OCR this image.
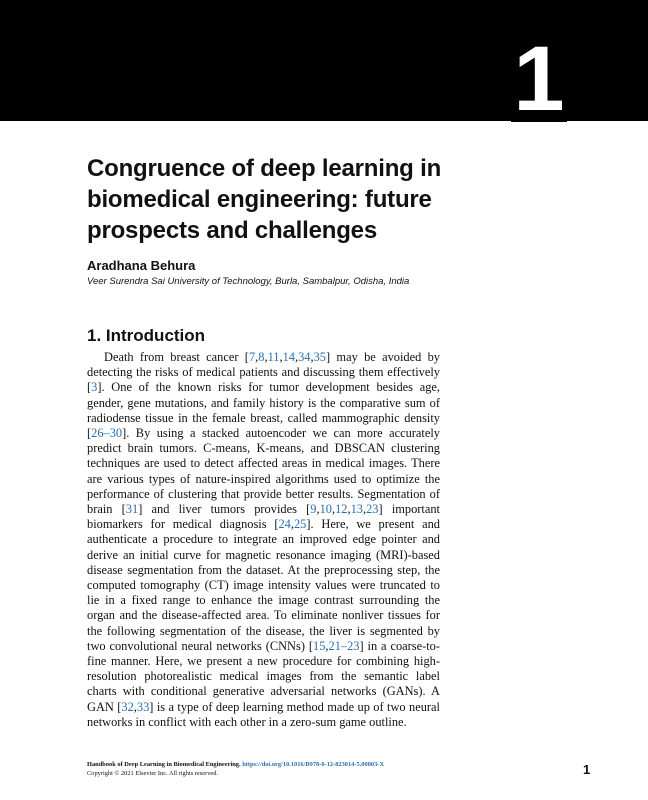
1
Congruence of deep learning in biomedical engineering: future prospects and challenges

Aradhana Behura

Veer Surendra Sai University of Technology, Burla, Sambalpur, Odisha, India

1. Introduction

Death from breast cancer [7,8,11,14,34,35] may be avoided by detecting the risks of medical patients and discussing them effectively [3]. One of the known risks for tumor development besides age, gender, gene mutations, and family history is the comparative sum of radiodense tissue in the female breast, called mammographic density [26–30]. By using a stacked autoencoder we can more accurately predict brain tumors. C-means, K-means, and DBSCAN clustering techniques are used to detect affected areas in medical images. There are various types of nature-inspired algorithms used to optimize the performance of clustering that provide better results. Segmentation of brain [31] and liver tumors provides [9,10,12,13,23] important biomarkers for medical diagnosis [24,25]. Here, we present and authenticate a procedure to integrate an improved edge pointer and derive an initial curve for magnetic resonance imaging (MRI)-based disease segmentation from the dataset. At the preprocessing step, the computed tomography (CT) image intensity values were truncated to lie in a fixed range to enhance the image contrast surrounding the organ and the disease-affected area. To eliminate nonliver tissues for the following segmentation of the disease, the liver is segmented by two convolutional neural networks (CNNs) [15,21–23] in a coarse-to-fine manner. Here, we present a new procedure for combining high-resolution photorealistic medical images from the semantic label charts with conditional generative adversarial networks (GANs). A GAN [32,33] is a type of deep learning method made up of two neural networks in conflict with each other in a zero-sum game outline.

Handbook of Deep Learning in Biomedical Engineering. https://doi.org/10.1016/B978-0-12-823014-5.00003-X

Copyright © 2021 Elsevier Inc. All rights reserved.	1
